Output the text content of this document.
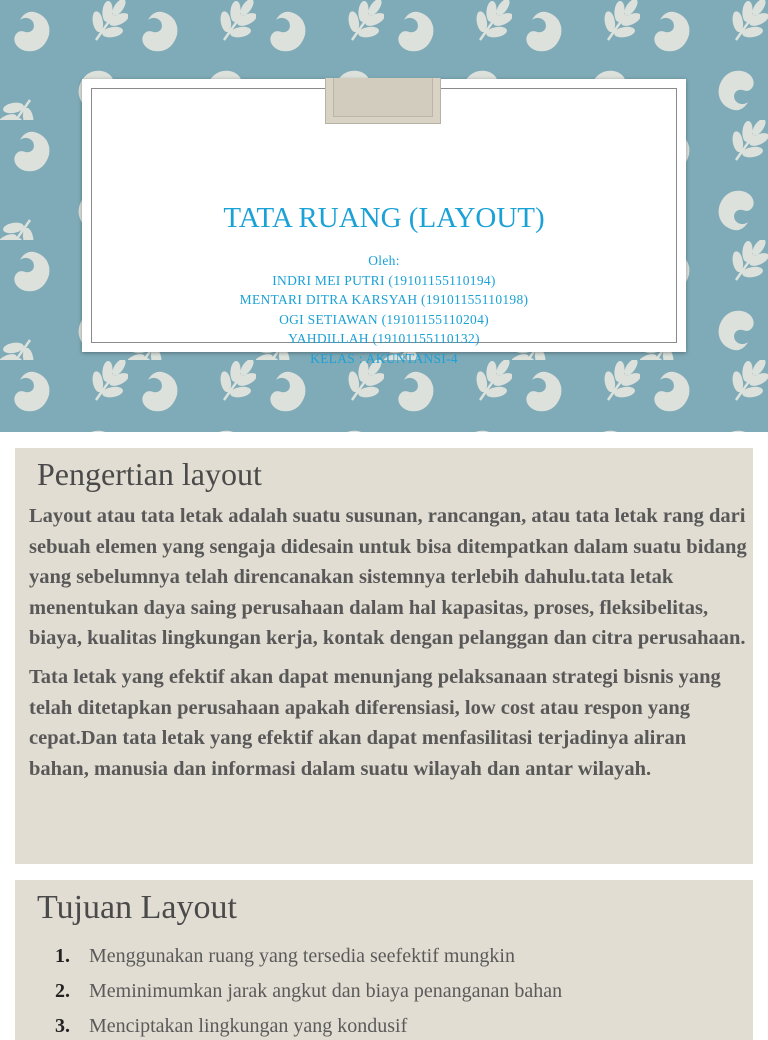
TATA RUANG (LAYOUT)
Oleh:
INDRI MEI PUTRI (19101155110194)
MENTARI DITRA KARSYAH (19101155110198)
OGI SETIAWAN (19101155110204)
YAHDILLAH (19101155110132)
KELAS : AKUNTANSI-4
Pengertian layout

Layout atau tata letak adalah suatu susunan, rancangan, atau tata letak rang dari sebuah elemen yang sengaja didesain untuk bisa ditempatkan dalam suatu bidang yang sebelumnya telah direncanakan sistemnya terlebih dahulu.tata letak menentukan daya saing perusahaan dalam hal kapasitas, proses, fleksibelitas, biaya, kualitas lingkungan kerja, kontak dengan pelanggan dan citra perusahaan.

Tata letak yang efektif akan dapat menunjang pelaksanaan strategi bisnis yang telah ditetapkan perusahaan apakah diferensiasi, low cost atau respon yang cepat.Dan tata letak yang efektif akan dapat menfasilitasi terjadinya aliran bahan, manusia dan informasi dalam suatu wilayah dan antar wilayah.

Tujuan Layout
1. Menggunakan ruang yang tersedia seefektif mungkin
2. Meminimumkan jarak angkut dan biaya penanganan bahan
3. Menciptakan lingkungan yang kondusif
